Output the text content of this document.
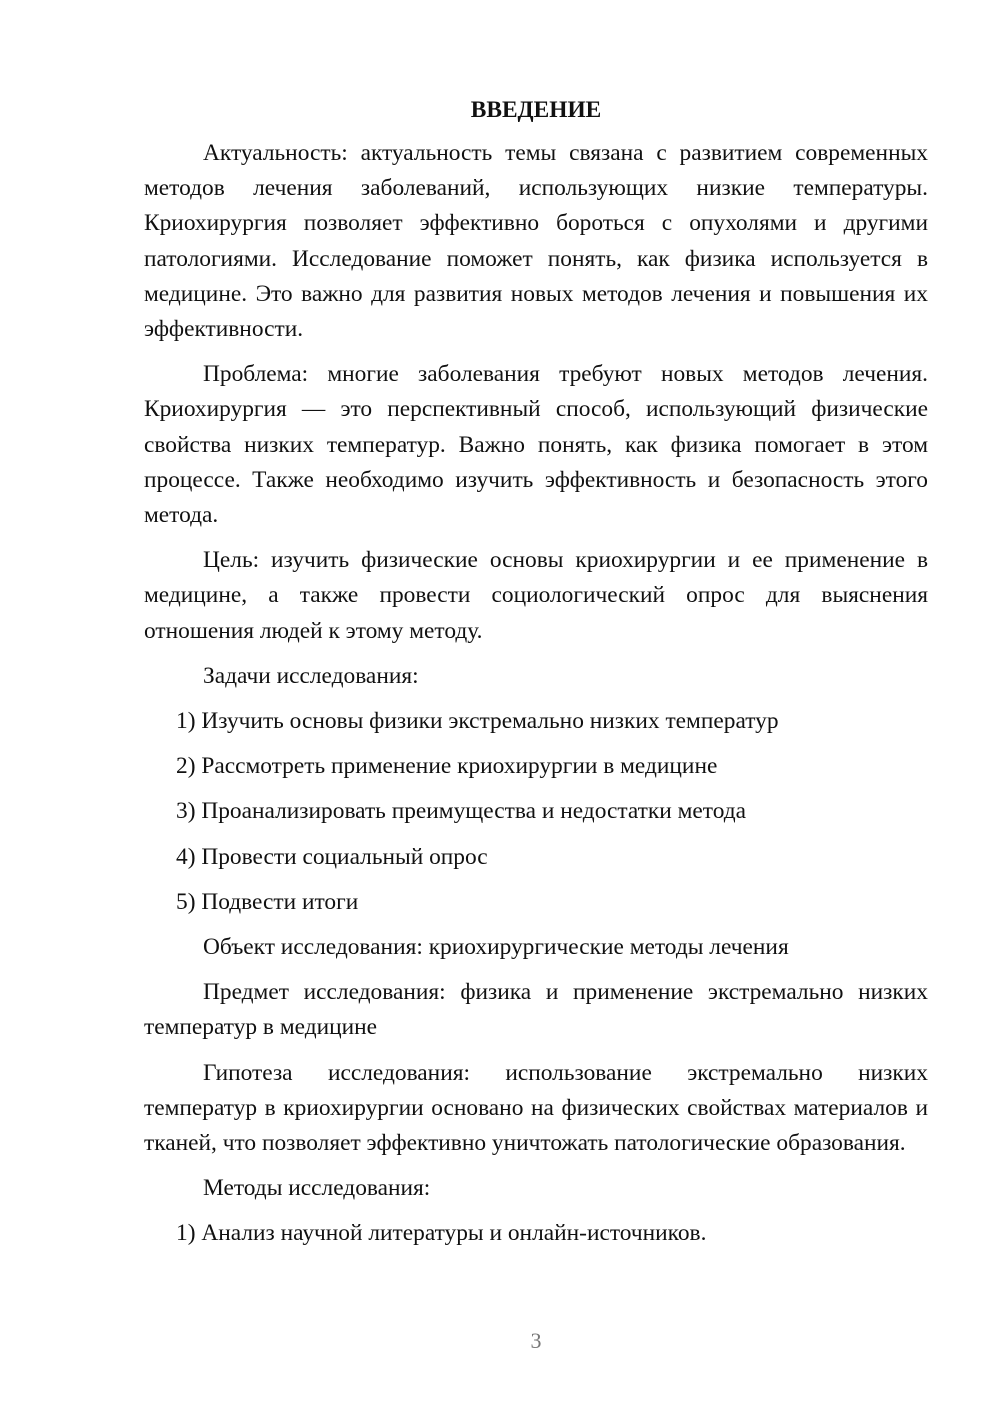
ВВЕДЕНИЕ

Актуальность: актуальность темы связана с развитием современных методов лечения заболеваний, использующих низкие температуры. Криохирургия позволяет эффективно бороться с опухолями и другими патологиями. Исследование поможет понять, как физика используется в медицине. Это важно для развития новых методов лечения и повышения их эффективности.

Проблема: многие заболевания требуют новых методов лечения. Криохирургия — это перспективный способ, использующий физические свойства низких температур. Важно понять, как физика помогает в этом процессе. Также необходимо изучить эффективность и безопасность этого метода.

Цель: изучить физические основы криохирургии и ее применение в медицине, а также провести социологический опрос для выяснения отношения людей к этому методу.

Задачи исследования:

1) Изучить основы физики экстремально низких температур

2) Рассмотреть применение криохирургии в медицине

3) Проанализировать преимущества и недостатки метода

4) Провести социальный опрос

5) Подвести итоги

Объект исследования: криохирургические методы лечения

Предмет исследования: физика и применение экстремально низких температур в медицине

Гипотеза исследования: использование экстремально низких температур в криохирургии основано на физических свойствах материалов и тканей, что позволяет эффективно уничтожать патологические образования.

Методы исследования:

1) Анализ научной литературы и онлайн-источников.

3
